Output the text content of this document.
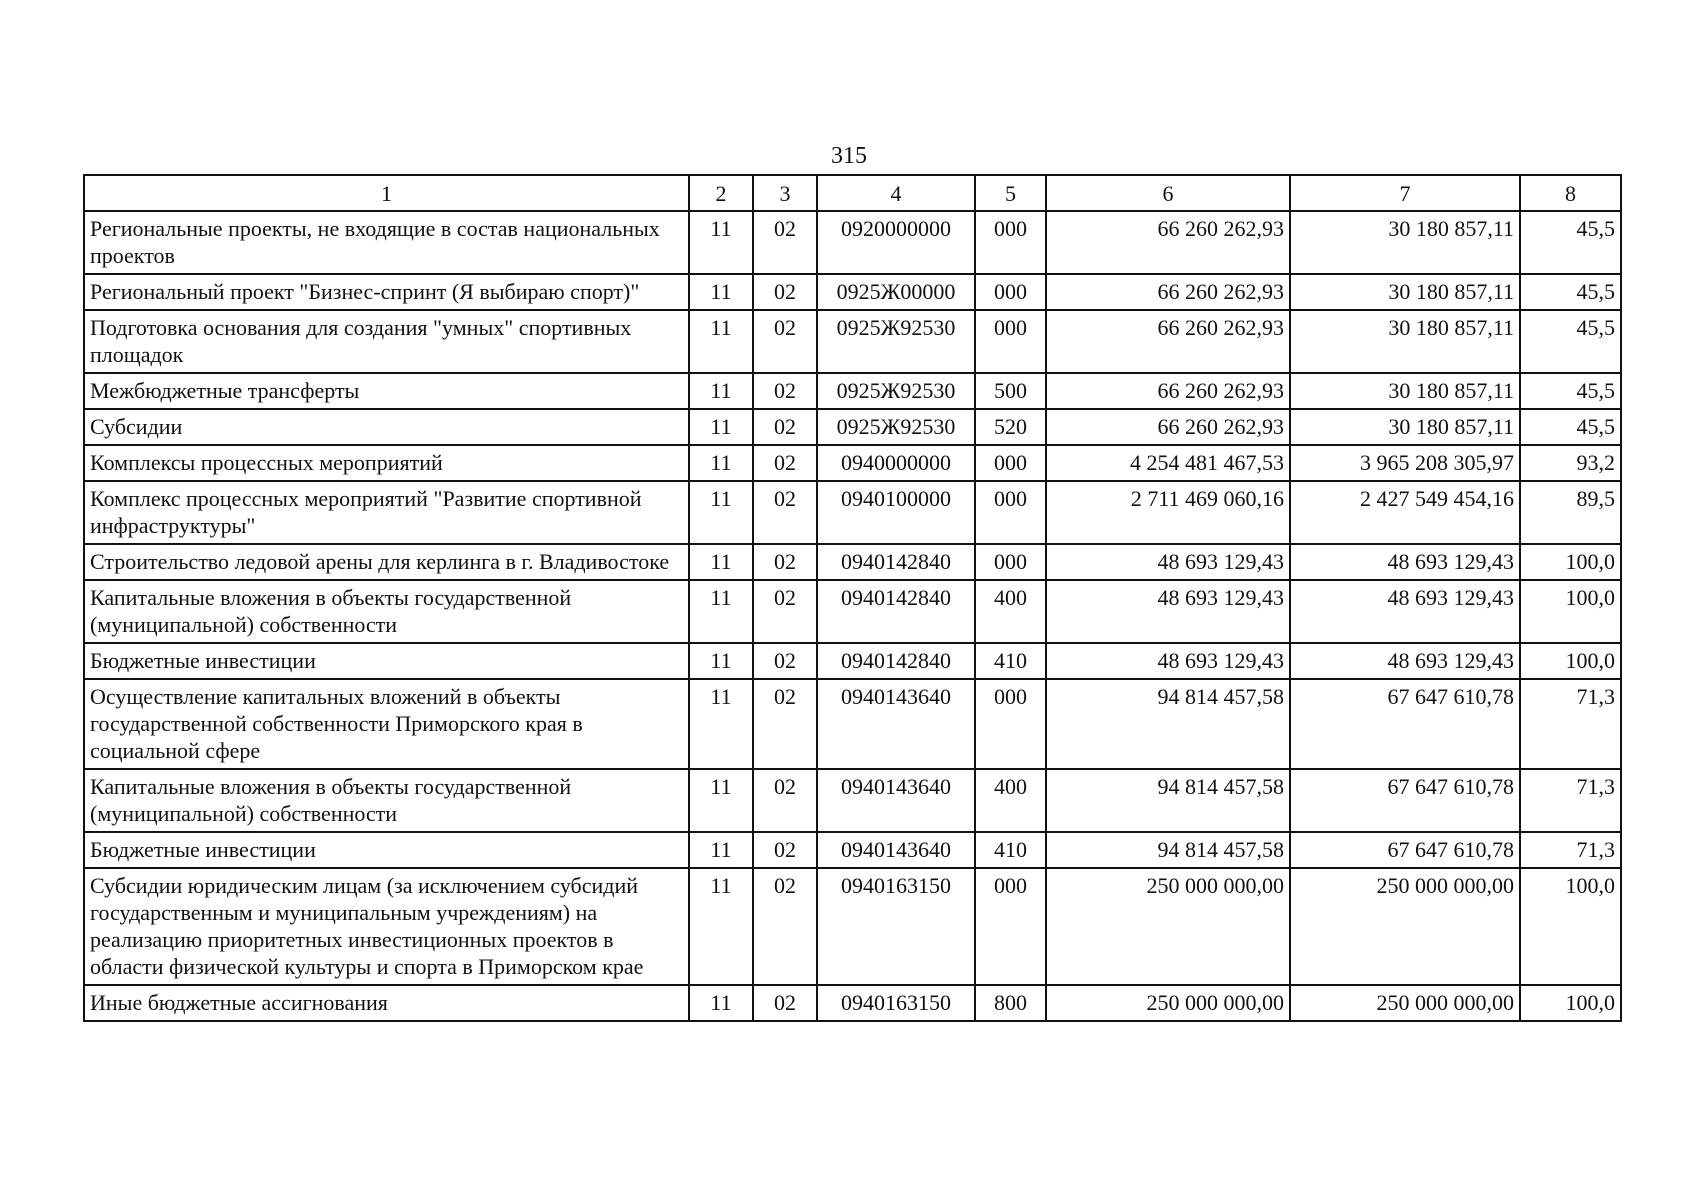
315
1	2	3	4	5	6	7	8
Региональные проекты, не входящие в состав национальных проектов	11	02	0920000000	000	66 260 262,93	30 180 857,11	45,5
Региональный проект "Бизнес-спринт (Я выбираю спорт)"	11	02	0925Ж00000	000	66 260 262,93	30 180 857,11	45,5
Подготовка основания для создания "умных" спортивных площадок	11	02	0925Ж92530	000	66 260 262,93	30 180 857,11	45,5
Межбюджетные трансферты	11	02	0925Ж92530	500	66 260 262,93	30 180 857,11	45,5
Субсидии	11	02	0925Ж92530	520	66 260 262,93	30 180 857,11	45,5
Комплексы процессных мероприятий	11	02	0940000000	000	4 254 481 467,53	3 965 208 305,97	93,2
Комплекс процессных мероприятий "Развитие спортивной инфраструктуры"	11	02	0940100000	000	2 711 469 060,16	2 427 549 454,16	89,5
Строительство ледовой арены для керлинга в г. Владивостоке	11	02	0940142840	000	48 693 129,43	48 693 129,43	100,0
Капитальные вложения в объекты государственной (муниципальной) собственности	11	02	0940142840	400	48 693 129,43	48 693 129,43	100,0
Бюджетные инвестиции	11	02	0940142840	410	48 693 129,43	48 693 129,43	100,0
Осуществление капитальных вложений в объекты государственной собственности Приморского края в социальной сфере	11	02	0940143640	000	94 814 457,58	67 647 610,78	71,3
Капитальные вложения в объекты государственной (муниципальной) собственности	11	02	0940143640	400	94 814 457,58	67 647 610,78	71,3
Бюджетные инвестиции	11	02	0940143640	410	94 814 457,58	67 647 610,78	71,3
Субсидии юридическим лицам (за исключением субсидий государственным и муниципальным учреждениям) на реализацию приоритетных инвестиционных проектов в области физической культуры и спорта в Приморском крае	11	02	0940163150	000	250 000 000,00	250 000 000,00	100,0
Иные бюджетные ассигнования	11	02	0940163150	800	250 000 000,00	250 000 000,00	100,0
